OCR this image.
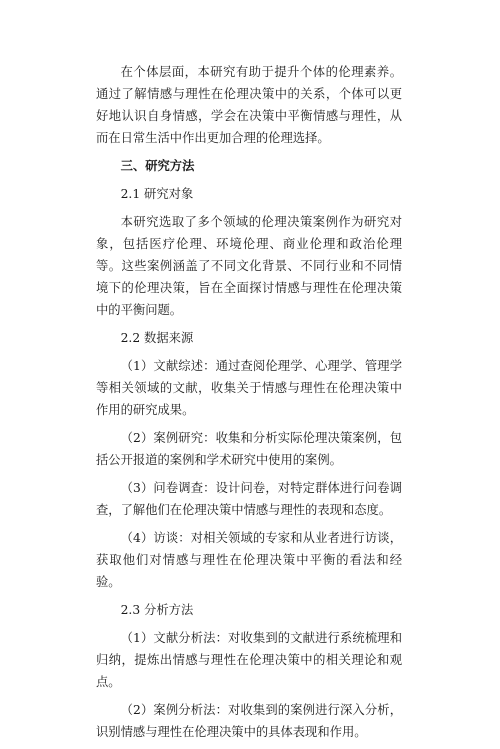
在个体层面，本研究有助于提升个体的伦理素养。通过了解情感与理性在伦理决策中的关系，个体可以更好地认识自身情感，学会在决策中平衡情感与理性，从而在日常生活中作出更加合理的伦理选择。

三、研究方法

2.1 研究对象

本研究选取了多个领域的伦理决策案例作为研究对象，包括医疗伦理、环境伦理、商业伦理和政治伦理等。这些案例涵盖了不同文化背景、不同行业和不同情境下的伦理决策，旨在全面探讨情感与理性在伦理决策中的平衡问题。

2.2 数据来源

（1）文献综述：通过查阅伦理学、心理学、管理学等相关领域的文献，收集关于情感与理性在伦理决策中作用的研究成果。

（2）案例研究：收集和分析实际伦理决策案例，包括公开报道的案例和学术研究中使用的案例。

（3）问卷调查：设计问卷，对特定群体进行问卷调查，了解他们在伦理决策中情感与理性的表现和态度。

（4）访谈：对相关领域的专家和从业者进行访谈，获取他们对情感与理性在伦理决策中平衡的看法和经验。

2.3 分析方法

（1）文献分析法：对收集到的文献进行系统梳理和归纳，提炼出情感与理性在伦理决策中的相关理论和观点。

（2）案例分析法：对收集到的案例进行深入分析，识别情感与理性在伦理决策中的具体表现和作用。
